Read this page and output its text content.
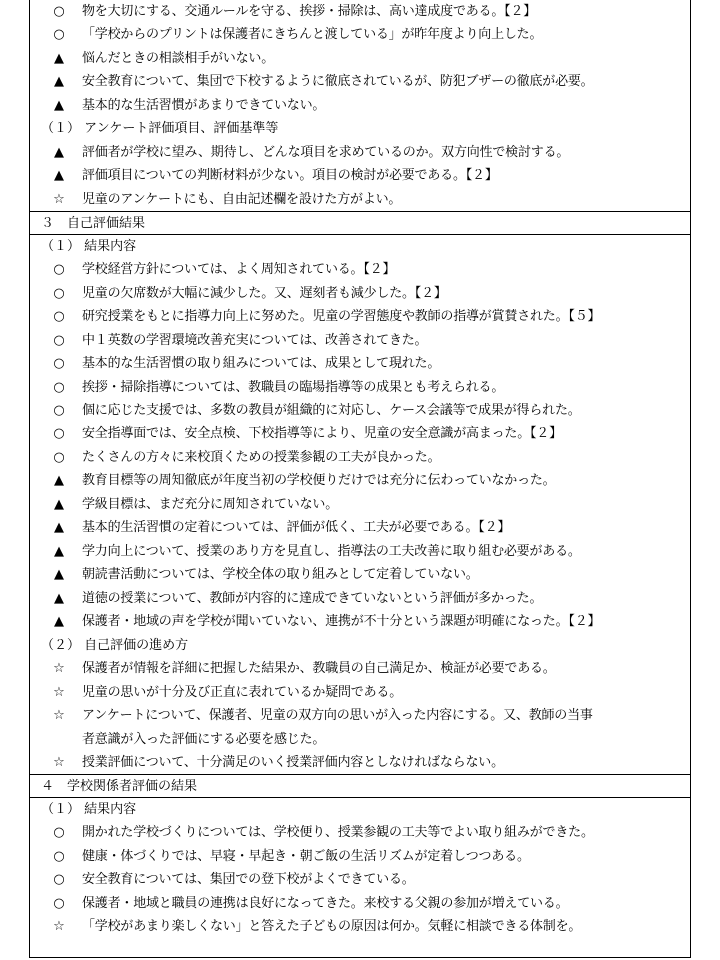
○ 物を大切にする、交通ルールを守る、挨拶・掃除は、高い達成度である。【２】
○ 「学校からのプリントは保護者にきちんと渡している」が昨年度より向上した。
▲	悩んだときの相談相手がいない。
▲	安全教育について、集団で下校するように徹底されているが、防犯ブザーの徹底が必要。
▲	基本的な生活習慣があまりできていない。
（１） アンケート評価項目、評価基準等
▲	評価者が学校に望み、期待し、どんな項目を求めているのか。双方向性で検討する。
▲	評価項目についての判断材料が少ない。項目の検討が必要である。【２】
☆ 児童のアンケートにも、自由記述欄を設けた方がよい。
３　自己評価結果
（１） 結果内容
○ 学校経営方針については、よく周知されている。【２】
○ 児童の欠席数が大幅に減少した。又、遅刻者も減少した。【２】
○ 研究授業をもとに指導力向上に努めた。児童の学習態度や教師の指導が賞賛された。【５】
○ 中１英数の学習環境改善充実については、改善されてきた。
○ 基本的な生活習慣の取り組みについては、成果として現れた。
○ 挨拶・掃除指導については、教職員の臨場指導等の成果とも考えられる。
○ 個に応じた支援では、多数の教員が組織的に対応し、ケース会議等で成果が得られた。
○ 安全指導面では、安全点検、下校指導等により、児童の安全意識が高まった。【２】
○ たくさんの方々に来校頂くための授業参観の工夫が良かった。
▲	教育目標等の周知徹底が年度当初の学校便りだけでは充分に伝わっていなかった。
▲	学級目標は、まだ充分に周知されていない。
▲	基本的生活習慣の定着については、評価が低く、工夫が必要である。【２】
▲	学力向上について、授業のあり方を見直し、指導法の工夫改善に取り組む必要がある。
▲	朝読書活動については、学校全体の取り組みとして定着していない。
▲	道徳の授業について、教師が内容的に達成できていないという評価が多かった。
▲	保護者・地域の声を学校が聞いていない、連携が不十分という課題が明確になった。【２】
（２） 自己評価の進め方
☆ 保護者が情報を詳細に把握した結果か、教職員の自己満足か、検証が必要である。
☆ 児童の思いが十分及び正直に表れているか疑問である。
☆ アンケートについて、保護者、児童の双方向の思いが入った内容にする。又、教師の当事
者意識が入った評価にする必要を感じた。
☆ 授業評価について、十分満足のいく授業評価内容としなければならない。
４　学校関係者評価の結果
（１） 結果内容
○ 開かれた学校づくりについては、学校便り、授業参観の工夫等でよい取り組みができた。
○ 健康・体づくりでは、早寝・早起き・朝ご飯の生活リズムが定着しつつある。
○ 安全教育については、集団での登下校がよくできている。
○ 保護者・地域と職員の連携は良好になってきた。来校する父親の参加が増えている。
☆ 「学校があまり楽しくない」と答えた子どもの原因は何か。気軽に相談できる体制を。
